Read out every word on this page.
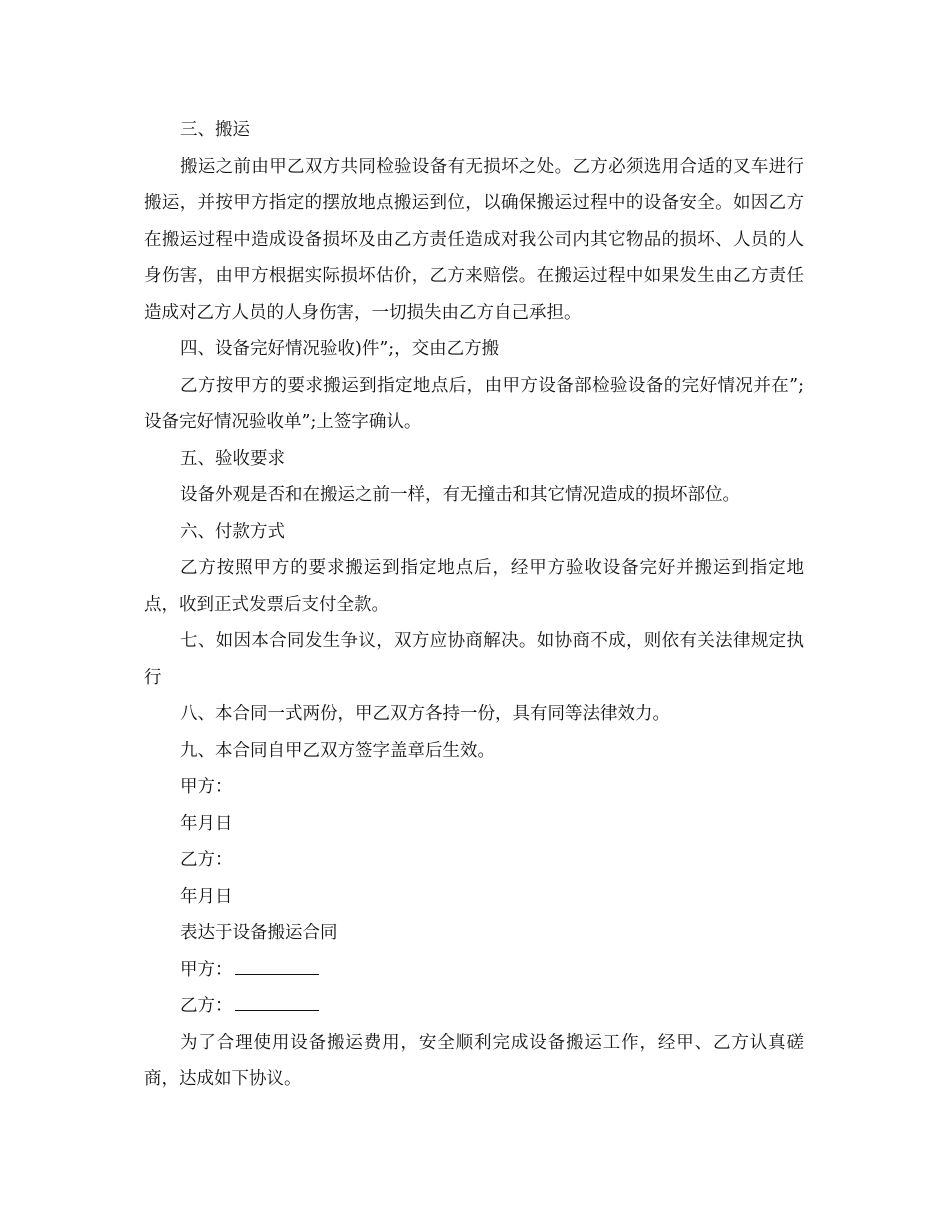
三、搬运

搬运之前由甲乙双方共同检验设备有无损坏之处。乙方必须选用合适的叉车进行搬运，并按甲方指定的摆放地点搬运到位，以确保搬运过程中的设备安全。如因乙方在搬运过程中造成设备损坏及由乙方责任造成对我公司内其它物品的损坏、人员的人身伤害，由甲方根据实际损坏估价，乙方来赔偿。在搬运过程中如果发生由乙方责任造成对乙方人员的人身伤害，一切损失由乙方自己承担。

四、设备完好情况验收)件”;，交由乙方搬

乙方按甲方的要求搬运到指定地点后，由甲方设备部检验设备的完好情况并在”;设备完好情况验收单”;上签字确认。

五、验收要求

设备外观是否和在搬运之前一样，有无撞击和其它情况造成的损坏部位。

六、付款方式

乙方按照甲方的要求搬运到指定地点后，经甲方验收设备完好并搬运到指定地点，收到正式发票后支付全款。

七、如因本合同发生争议，双方应协商解决。如协商不成，则依有关法律规定执行

八、本合同一式两份，甲乙双方各持一份，具有同等法律效力。

九、本合同自甲乙双方签字盖章后生效。

甲方：

年月日

乙方：

年月日

表达于设备搬运合同

甲方：

乙方：

为了合理使用设备搬运费用，安全顺利完成设备搬运工作，经甲、乙方认真磋商，达成如下协议。
